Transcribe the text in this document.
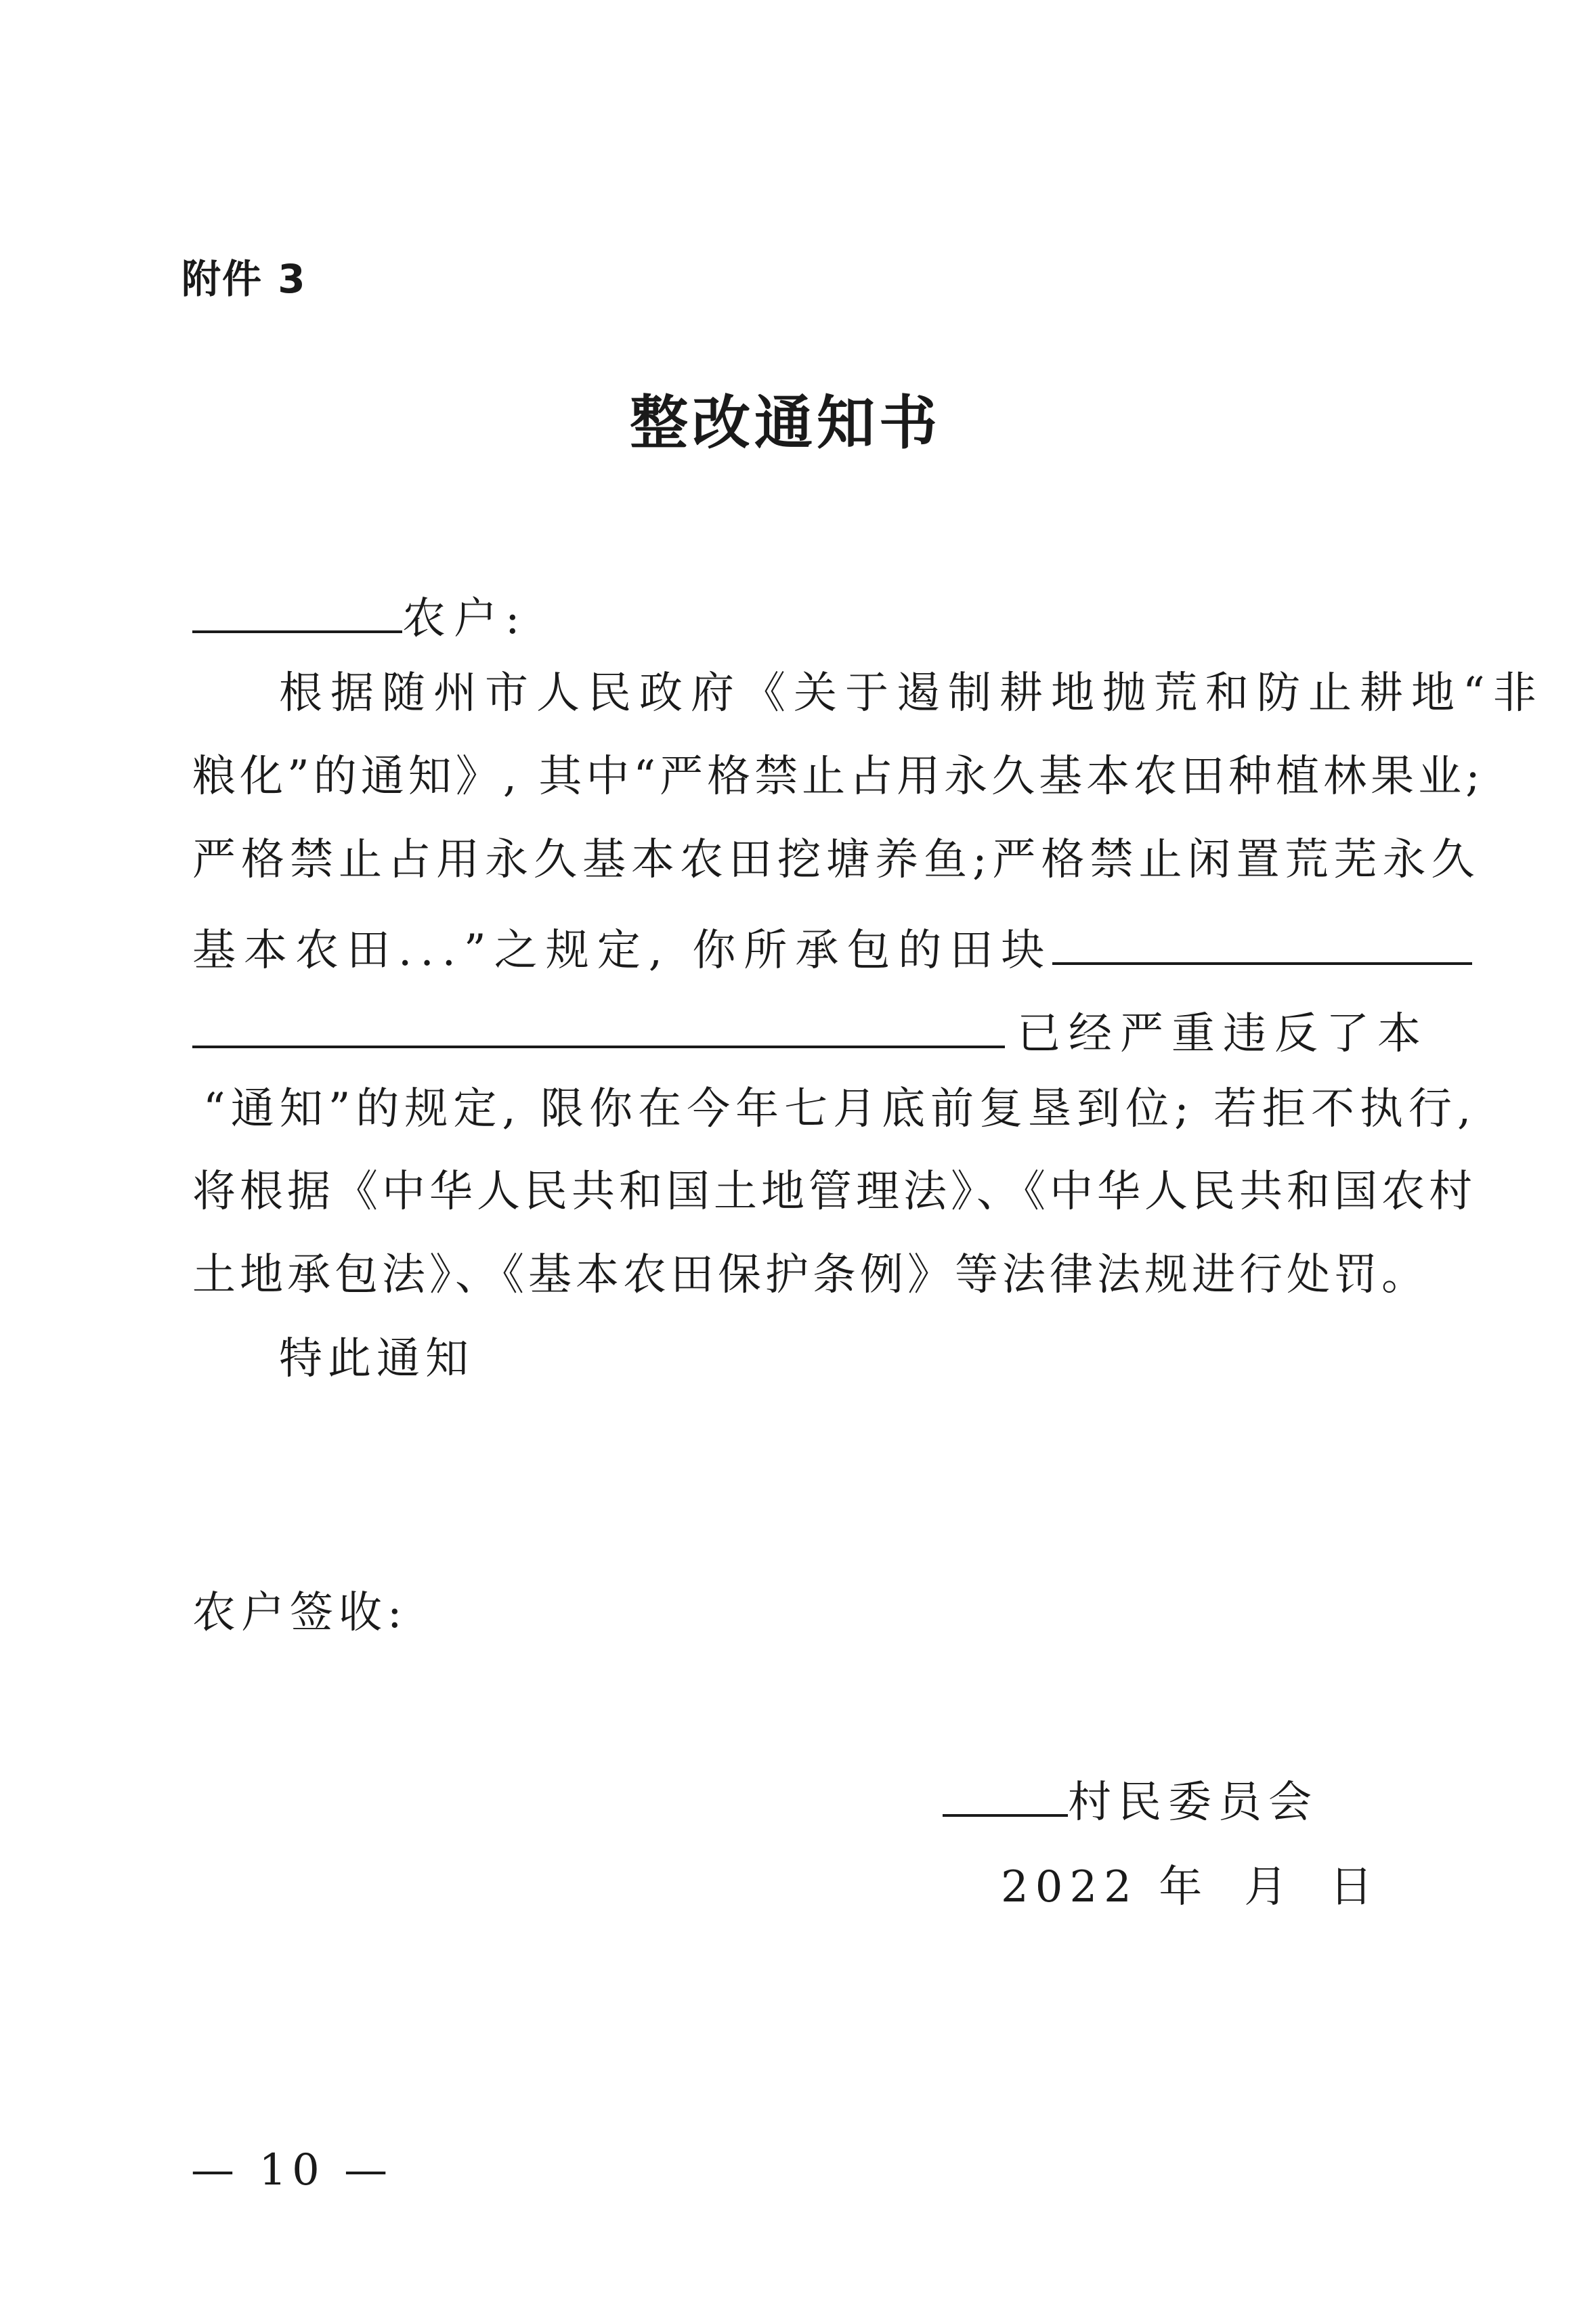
附件 3
整改通知书
农户:
根据随州市人民政府《关于遏制耕地抛荒和防止耕地“非
粮化”的通知》, 其中“严格禁止占用永久基本农田种植林果业;
严格禁止占用永久基本农田挖塘养鱼;严格禁止闲置荒芜永久
基本农田...”之规定, 你所承包的田块
已经严重违反了本
“通知”的规定, 限你在今年七月底前复垦到位; 若拒不执行,
将根据《中华人民共和国土地管理法》、《中华人民共和国农村
土地承包法》、《基本农田保护条例》等法律法规进行处罚。
特此通知
农户签收:
村民委员会
2022 年 月 日
— 10 —
